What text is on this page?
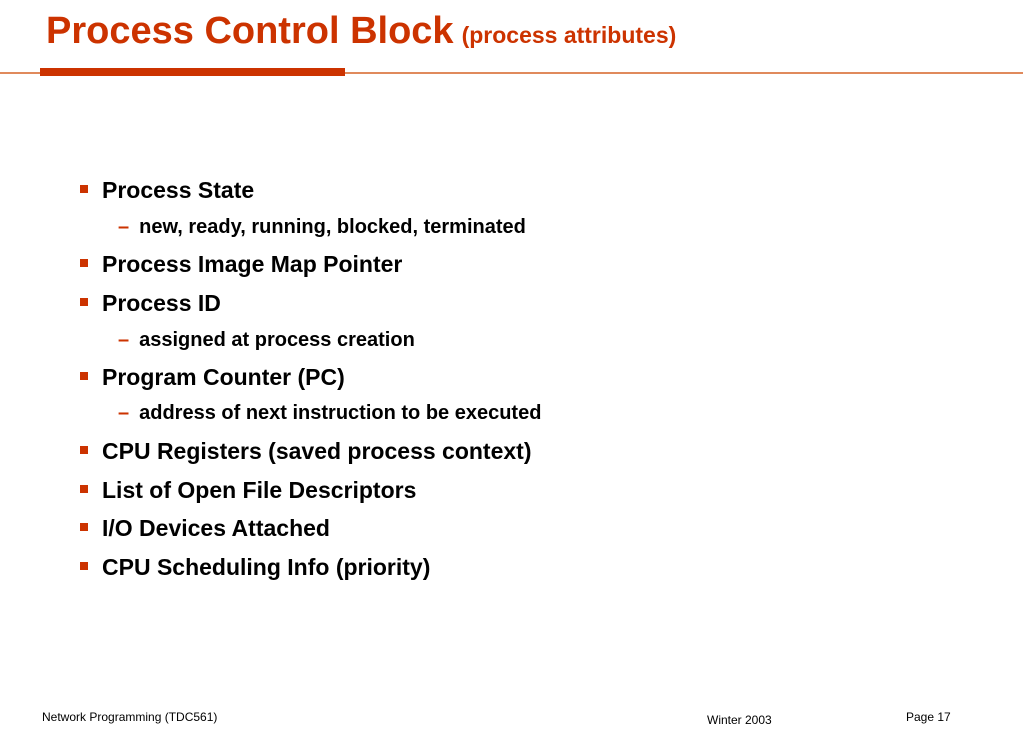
Process Control Block (process attributes)
Process State
– new, ready, running, blocked, terminated
Process Image Map Pointer
Process ID
– assigned at process creation
Program Counter (PC)
– address of next instruction to be executed
CPU Registers (saved process context)
List of Open File Descriptors
I/O Devices Attached
CPU Scheduling Info (priority)
Network Programming (TDC561)	Winter 2003	Page 17
